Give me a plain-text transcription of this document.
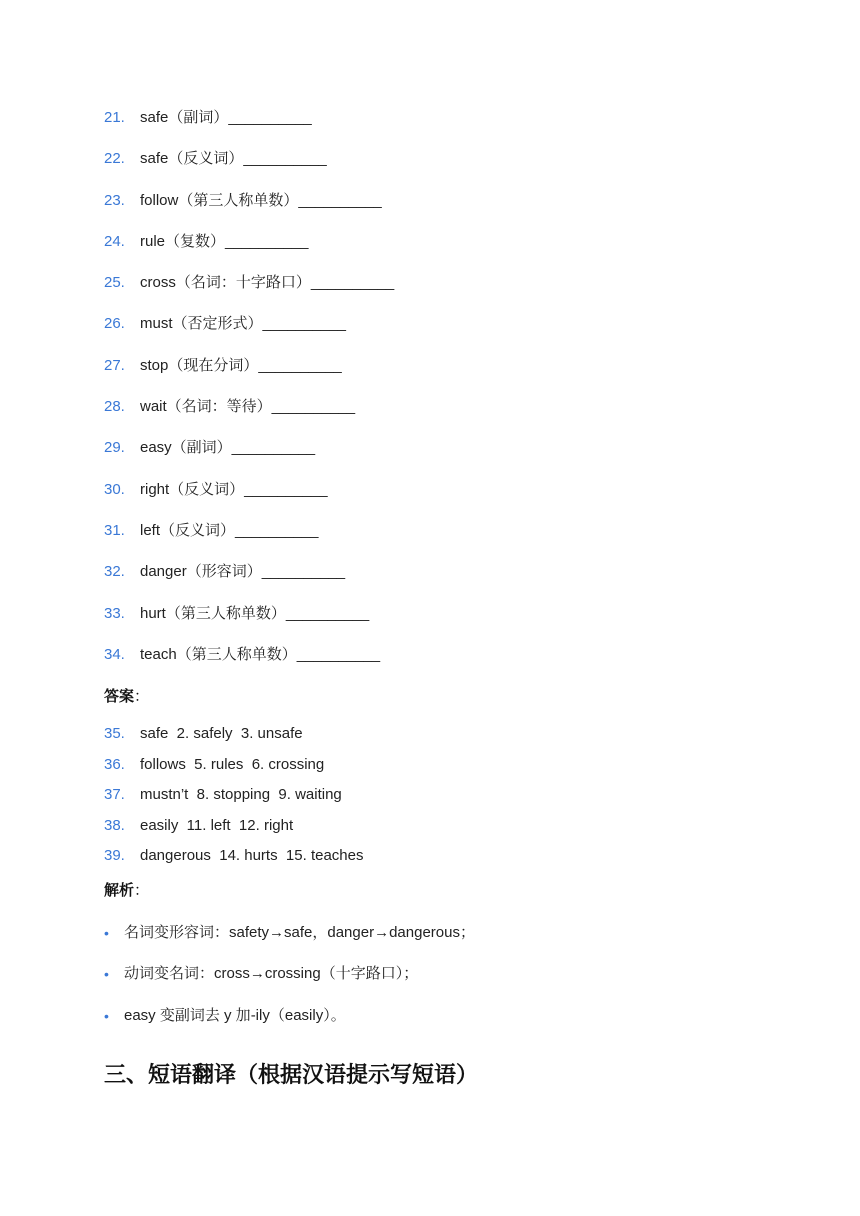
21.	safe（副词）__________
22.	safe（反义词）__________
23.	follow（第三人称单数）__________
24.	rule（复数）__________
25.	cross（名词：十字路口）__________
26.	must（否定形式）__________
27.	stop（现在分词）__________
28.	wait（名词：等待）__________
29.	easy（副词）__________
30.	right（反义词）__________
31.	left（反义词）__________
32.	danger（形容词）__________
33.	hurt（第三人称单数）__________
34.	teach（第三人称单数）__________
答案：
35.	safe  2. safely  3. unsafe
36.	follows  5. rules  6. crossing
37.	mustn’t  8. stopping  9. waiting
38.	easily  11. left  12. right
39.	dangerous  14. hurts  15. teaches
解析：
•	名词变形容词：safety→safe，danger→dangerous；
•	动词变名词：cross→crossing（十字路口）；
•	easy 变副词去 y 加-ily（easily）。
三、短语翻译（根据汉语提示写短语）
